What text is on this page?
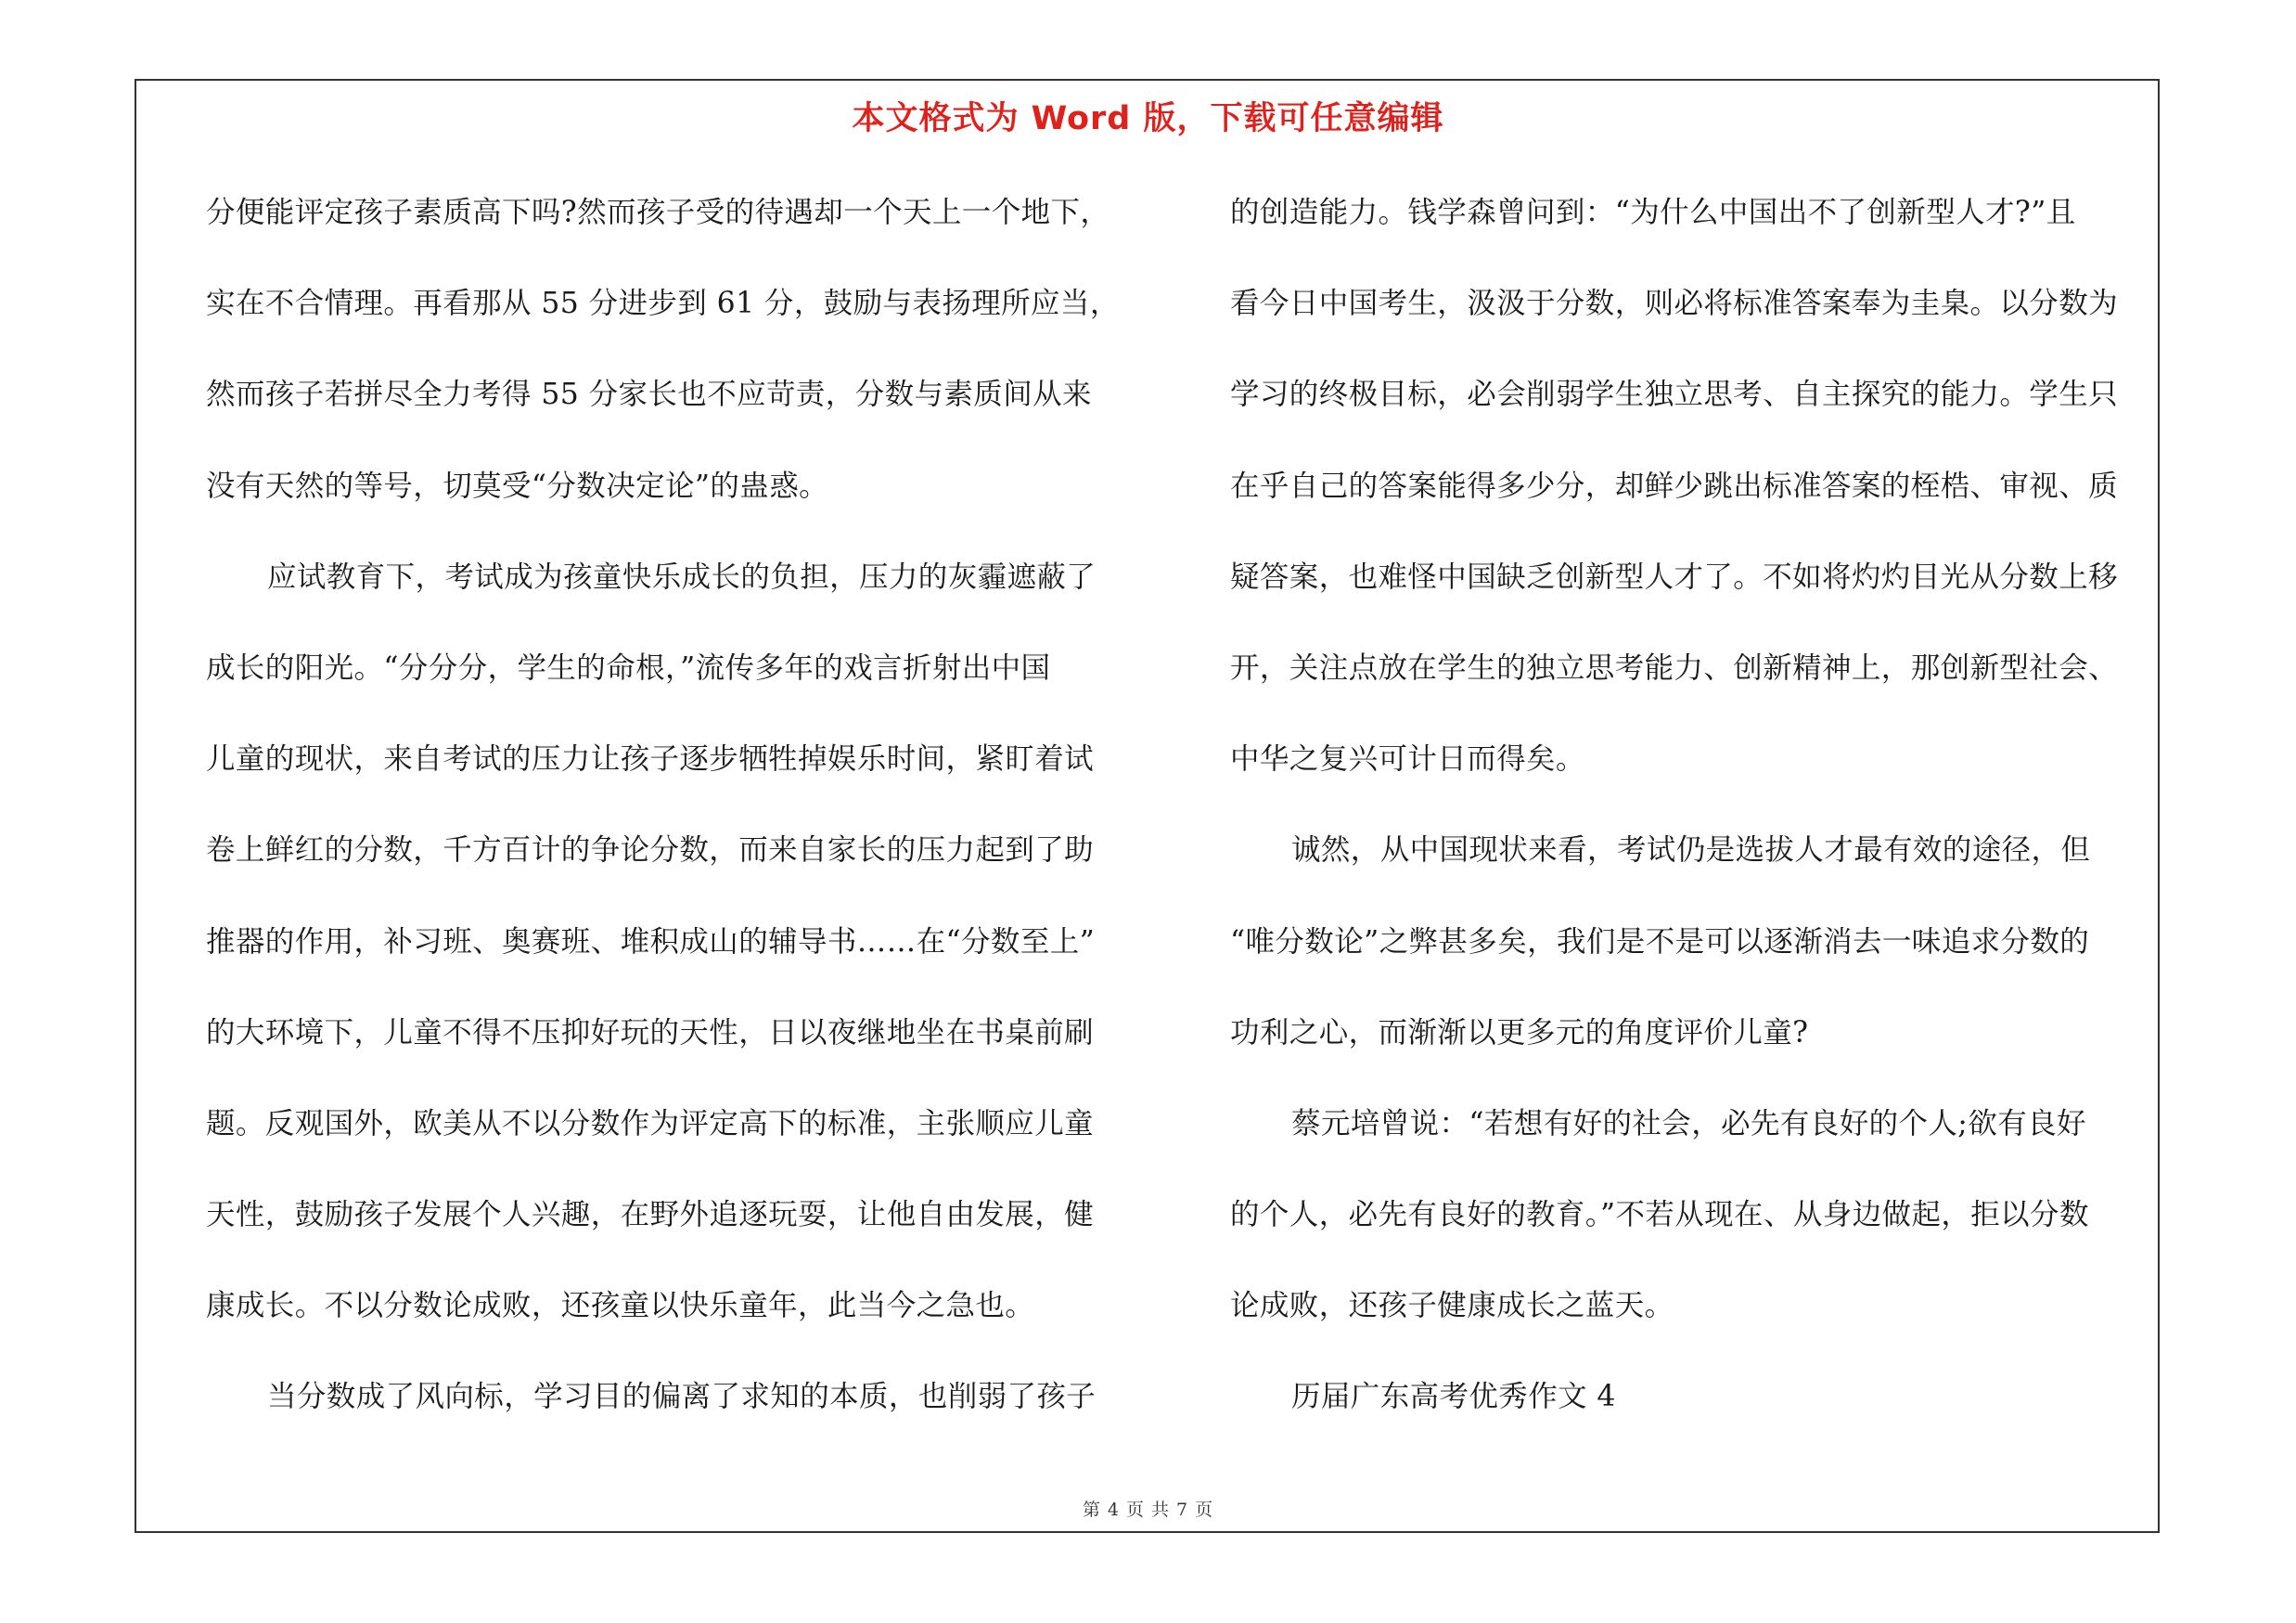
本文格式为 Word 版，下载可任意编辑
分便能评定孩子素质高下吗?然而孩子受的待遇却一个天上一个地下，
实在不合情理。再看那从 55 分进步到 61 分，鼓励与表扬理所应当，
然而孩子若拼尽全力考得 55 分家长也不应苛责，分数与素质间从来
没有天然的等号，切莫受“分数决定论”的蛊惑。
应试教育下，考试成为孩童快乐成长的负担，压力的灰霾遮蔽了
成长的阳光。“分分分，学生的命根，”流传多年的戏言折射出中国
儿童的现状，来自考试的压力让孩子逐步牺牲掉娱乐时间，紧盯着试
卷上鲜红的分数，千方百计的争论分数，而来自家长的压力起到了助
推器的作用，补习班、奥赛班、堆积成山的辅导书……在“分数至上”
的大环境下，儿童不得不压抑好玩的天性，日以夜继地坐在书桌前刷
题。反观国外，欧美从不以分数作为评定高下的标准，主张顺应儿童
天性，鼓励孩子发展个人兴趣，在野外追逐玩耍，让他自由发展，健
康成长。不以分数论成败，还孩童以快乐童年，此当今之急也。
当分数成了风向标，学习目的偏离了求知的本质，也削弱了孩子
的创造能力。钱学森曾问到：“为什么中国出不了创新型人才?”且
看今日中国考生，汲汲于分数，则必将标准答案奉为圭臬。以分数为
学习的终极目标，必会削弱学生独立思考、自主探究的能力。学生只
在乎自己的答案能得多少分，却鲜少跳出标准答案的桎梏、审视、质
疑答案，也难怪中国缺乏创新型人才了。不如将灼灼目光从分数上移
开，关注点放在学生的独立思考能力、创新精神上，那创新型社会、
中华之复兴可计日而得矣。
诚然，从中国现状来看，考试仍是选拔人才最有效的途径，但
“唯分数论”之弊甚多矣，我们是不是可以逐渐消去一味追求分数的
功利之心，而渐渐以更多元的角度评价儿童?
蔡元培曾说：“若想有好的社会，必先有良好的个人;欲有良好
的个人，必先有良好的教育。”不若从现在、从身边做起，拒以分数
论成败，还孩子健康成长之蓝天。
历届广东高考优秀作文 4
第 4 页 共 7 页
